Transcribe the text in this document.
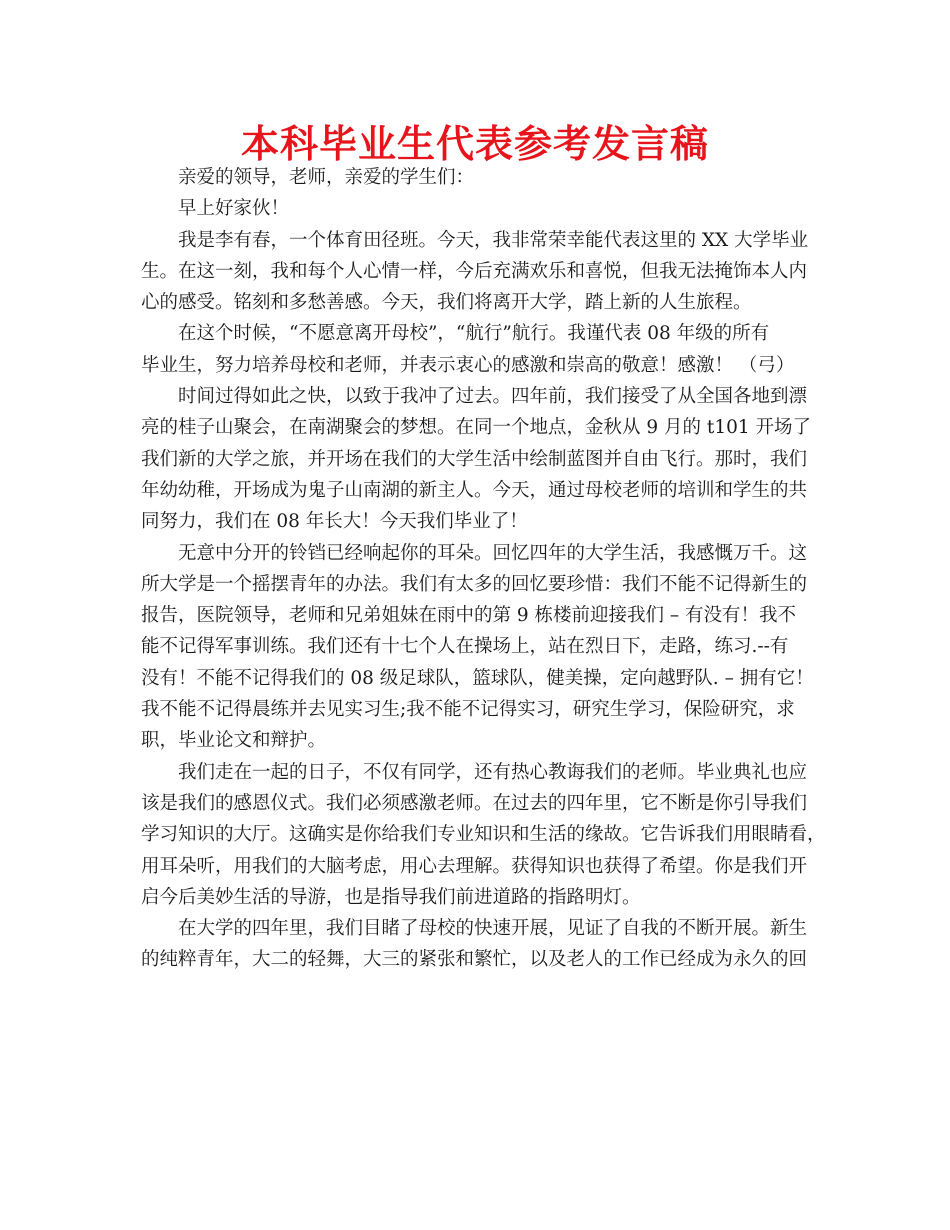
本科毕业生代表参考发言稿
亲爱的领导，老师，亲爱的学生们：
早上好家伙！
我是李有春，一个体育田径班。今天，我非常荣幸能代表这里的 XX 大学毕业
生。在这一刻，我和每个人心情一样，今后充满欢乐和喜悦，但我无法掩饰本人内
心的感受。铭刻和多愁善感。今天，我们将离开大学，踏上新的人生旅程。
在这个时候，“不愿意离开母校”，“航行”航行。我谨代表 08 年级的所有
毕业生，努力培养母校和老师，并表示衷心的感激和崇高的敬意！感激！ （弓）
时间过得如此之快，以致于我冲了过去。四年前，我们接受了从全国各地到漂
亮的桂子山聚会，在南湖聚会的梦想。在同一个地点，金秋从 9 月的 t101 开场了
我们新的大学之旅，并开场在我们的大学生活中绘制蓝图并自由飞行。那时，我们
年幼幼稚，开场成为鬼子山南湖的新主人。今天，通过母校老师的培训和学生的共
同努力，我们在 08 年长大！今天我们毕业了！
无意中分开的铃铛已经响起你的耳朵。回忆四年的大学生活，我感慨万千。这
所大学是一个摇摆青年的办法。我们有太多的回忆要珍惜：我们不能不记得新生的
报告，医院领导，老师和兄弟姐妹在雨中的第 9 栋楼前迎接我们 – 有没有！我不
能不记得军事训练。我们还有十七个人在操场上，站在烈日下，走路，练习.--有
没有！不能不记得我们的 08 级足球队，篮球队，健美操，定向越野队. – 拥有它！
我不能不记得晨练并去见实习生;我不能不记得实习，研究生学习，保险研究，求
职，毕业论文和辩护。
我们走在一起的日子，不仅有同学，还有热心教诲我们的老师。毕业典礼也应
该是我们的感恩仪式。我们必须感激老师。在过去的四年里，它不断是你引导我们
学习知识的大厅。这确实是你给我们专业知识和生活的缘故。它告诉我们用眼睛看，
用耳朵听，用我们的大脑考虑，用心去理解。获得知识也获得了希望。你是我们开
启今后美妙生活的导游，也是指导我们前进道路的指路明灯。
在大学的四年里，我们目睹了母校的快速开展，见证了自我的不断开展。新生
的纯粹青年，大二的轻舞，大三的紧张和繁忙，以及老人的工作已经成为永久的回
